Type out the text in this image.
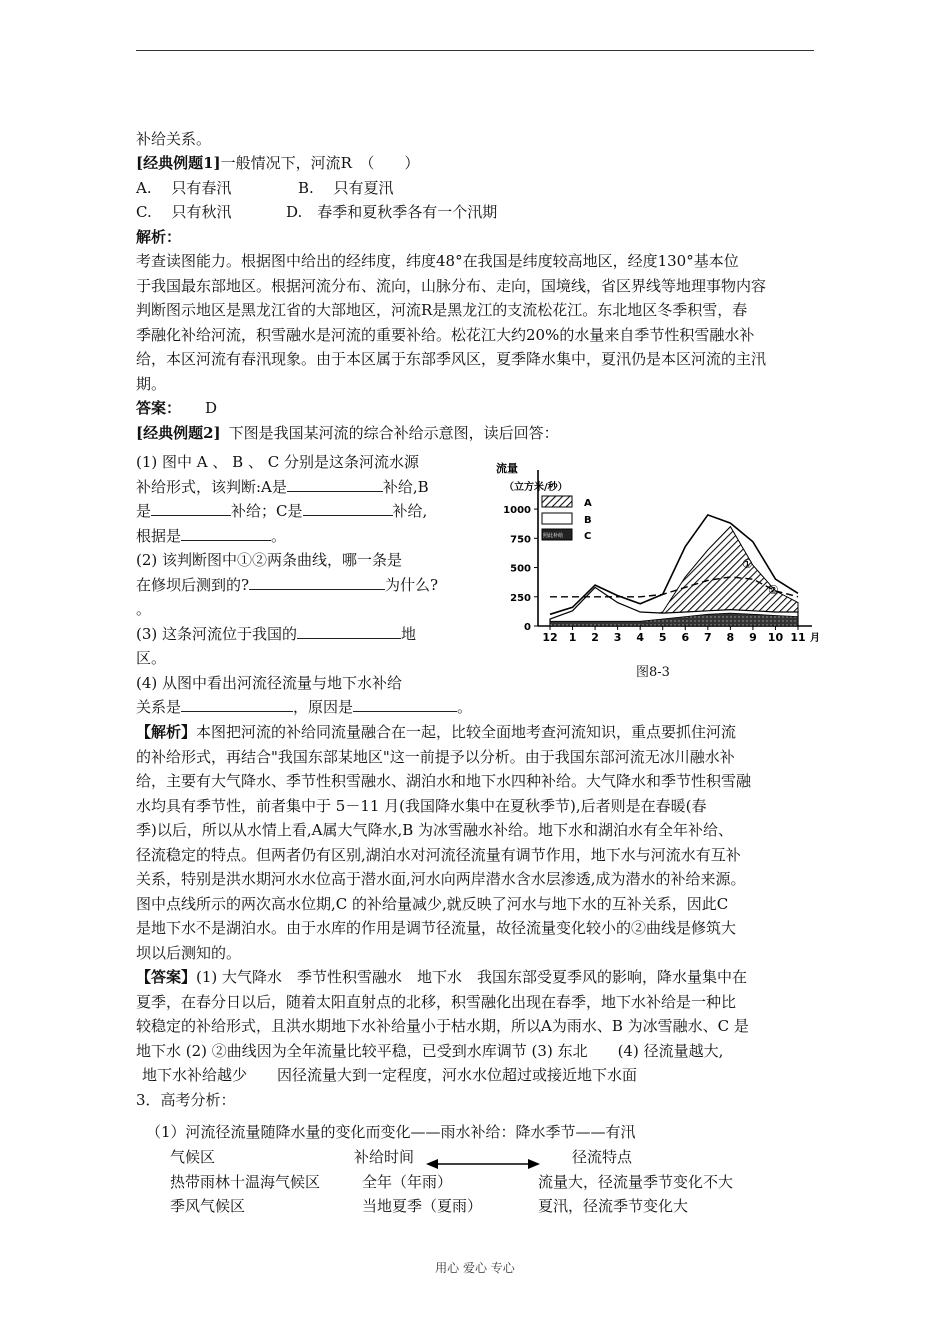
补给关系。
[经典例题1]一般情况下，河流R　（　　）
A.　 只有春汛	B.　 只有夏汛
C.　 只有秋汛	D.　春季和夏秋季各有一个汛期
解析：
考查读图能力。根据图中给出的经纬度，纬度48°在我国是纬度较高地区，经度130°基本位
于我国最东部地区。根据河流分布、流向，山脉分布、走向，国境线，省区界线等地理事物内容
判断图示地区是黑龙江省的大部地区，河流R是黑龙江的支流松花江。东北地区冬季积雪，春
季融化补给河流，积雪融水是河流的重要补给。松花江大约20%的水量来自季节性积雪融水补
给，本区河流有春汛现象。由于本区属于东部季风区，夏季降水集中，夏汛仍是本区河流的主汛
期。
答案： D
[经典例题2] 下图是我国某河流的综合补给示意图，读后回答：
(1) 图中 A 、 B 、 C 分别是这条河流水源
补给形式，该判断:A是	补给,B
是	补给；C是	补给,
根据是	。
(2) 该判断图中①②两条曲线，哪一条是
在修坝后测到的?	为什么?
。
(3) 这条河流位于我国的	地
区。
(4) 从图中看出河流径流量与地下水补给
关系是	，原因是	。
【解析】本图把河流的补给同流量融合在一起，比较全面地考查河流知识，重点要抓住河流
的补给形式，再结合"我国东部某地区"这一前提予以分析。由于我国东部河流无冰川融水补
给，主要有大气降水、季节性积雪融水、湖泊水和地下水四种补给。大气降水和季节性积雪融
水均具有季节性，前者集中于 5－11 月(我国降水集中在夏秋季节),后者则是在春暖(春
季)以后，所以从水情上看,A属大气降水,B 为冰雪融水补给。地下水和湖泊水有全年补给、
径流稳定的特点。但两者仍有区别,湖泊水对河流径流量有调节作用，地下水与河流水有互补
关系，特别是洪水期河水水位高于潜水面,河水向两岸潜水含水层渗透,成为潜水的补给来源。
图中点线所示的两次高水位期,C 的补给量减少,就反映了河水与地下水的互补关系，因此C
是地下水不是湖泊水。由于水库的作用是调节径流量，故径流量变化较小的②曲线是修筑大
坝以后测知的。
【答案】(1) 大气降水　季节性积雪融水　地下水　我国东部受夏季风的影响，降水量集中在
夏季，在春分日以后，随着太阳直射点的北移，积雪融化出现在春季，地下水补给是一种比
较稳定的补给形式，且洪水期地下水补给量小于枯水期，所以A为雨水、B 为冰雪融水、C 是
地下水 (2) ②曲线因为全年流量比较平稳，已受到水库调节 (3) 东北　　(4) 径流量越大,
地下水补给越少　　因径流量大到一定程度，河水水位超过或接近地下水面
3．高考分析：
（1）河流径流量随降水量的变化而变化——雨水补给：降水季节——有汛
气候区	补给时间	径流特点
热带雨林十温海气候区	全年（年雨）	流量大，径流量季节变化不大
季风气候区	当地夏季（夏雨）	夏汛，径流季节变化大
0
250
500
750
1000
12 1 2 3 4 5 6 7 8 9 10 11 月
流量
（立方米/秒）
A
B
照此补给 C
①
②
图8-3
用心 爱心 专心
